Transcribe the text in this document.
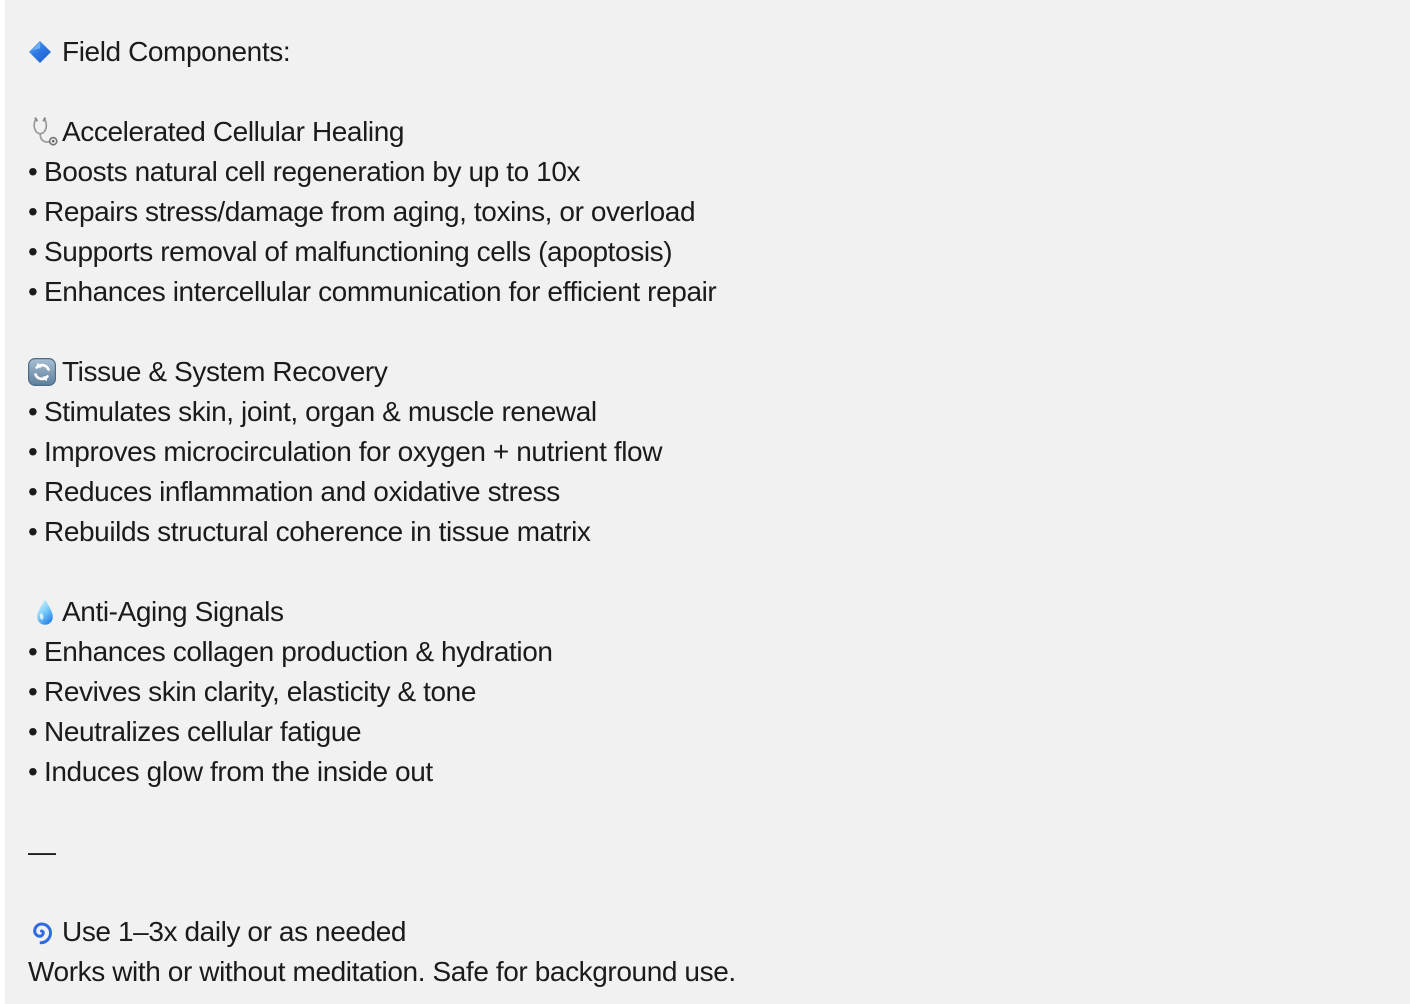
Field Components:
Accelerated Cellular Healing
• Boosts natural cell regeneration by up to 10x
• Repairs stress/damage from aging, toxins, or overload
• Supports removal of malfunctioning cells (apoptosis)
• Enhances intercellular communication for efficient repair
Tissue & System Recovery
• Stimulates skin, joint, organ & muscle renewal
• Improves microcirculation for oxygen + nutrient flow
• Reduces inflammation and oxidative stress
• Rebuilds structural coherence in tissue matrix
Anti-Aging Signals
• Enhances collagen production & hydration
• Revives skin clarity, elasticity & tone
• Neutralizes cellular fatigue
• Induces glow from the inside out
—
Use 1–3x daily or as needed
Works with or without meditation. Safe for background use.
